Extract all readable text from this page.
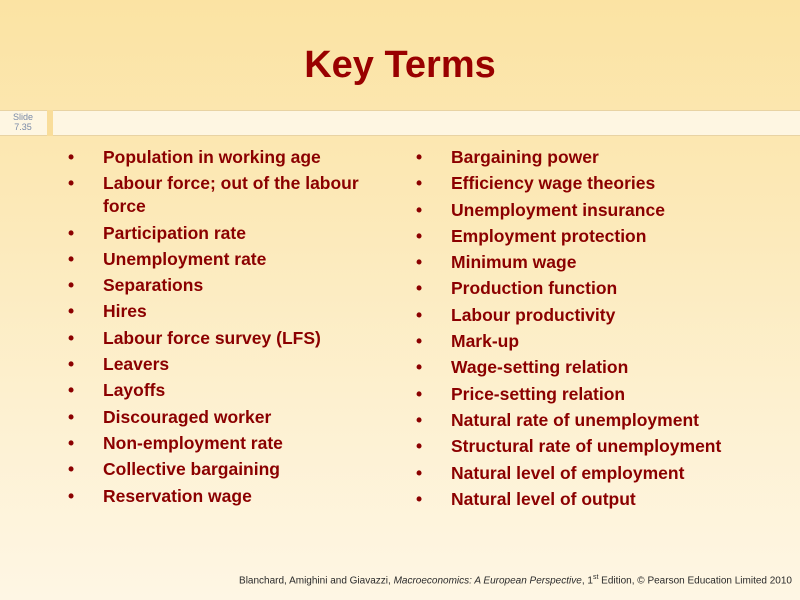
Key Terms
Slide
7.35
• Population in working age
• Labour force; out of the labour force
• Participation rate
• Unemployment rate
• Separations
• Hires
• Labour force survey (LFS)
• Leavers
• Layoffs
• Discouraged worker
• Non-employment rate
• Collective bargaining
• Reservation wage
• Bargaining power
• Efficiency wage theories
• Unemployment insurance
• Employment protection
• Minimum wage
• Production function
• Labour productivity
• Mark-up
• Wage-setting relation
• Price-setting relation
• Natural rate of unemployment
• Structural rate of unemployment
• Natural level of employment
• Natural level of output
Blanchard, Amighini and Giavazzi, Macroeconomics: A European Perspective, 1st Edition, © Pearson Education Limited 2010
